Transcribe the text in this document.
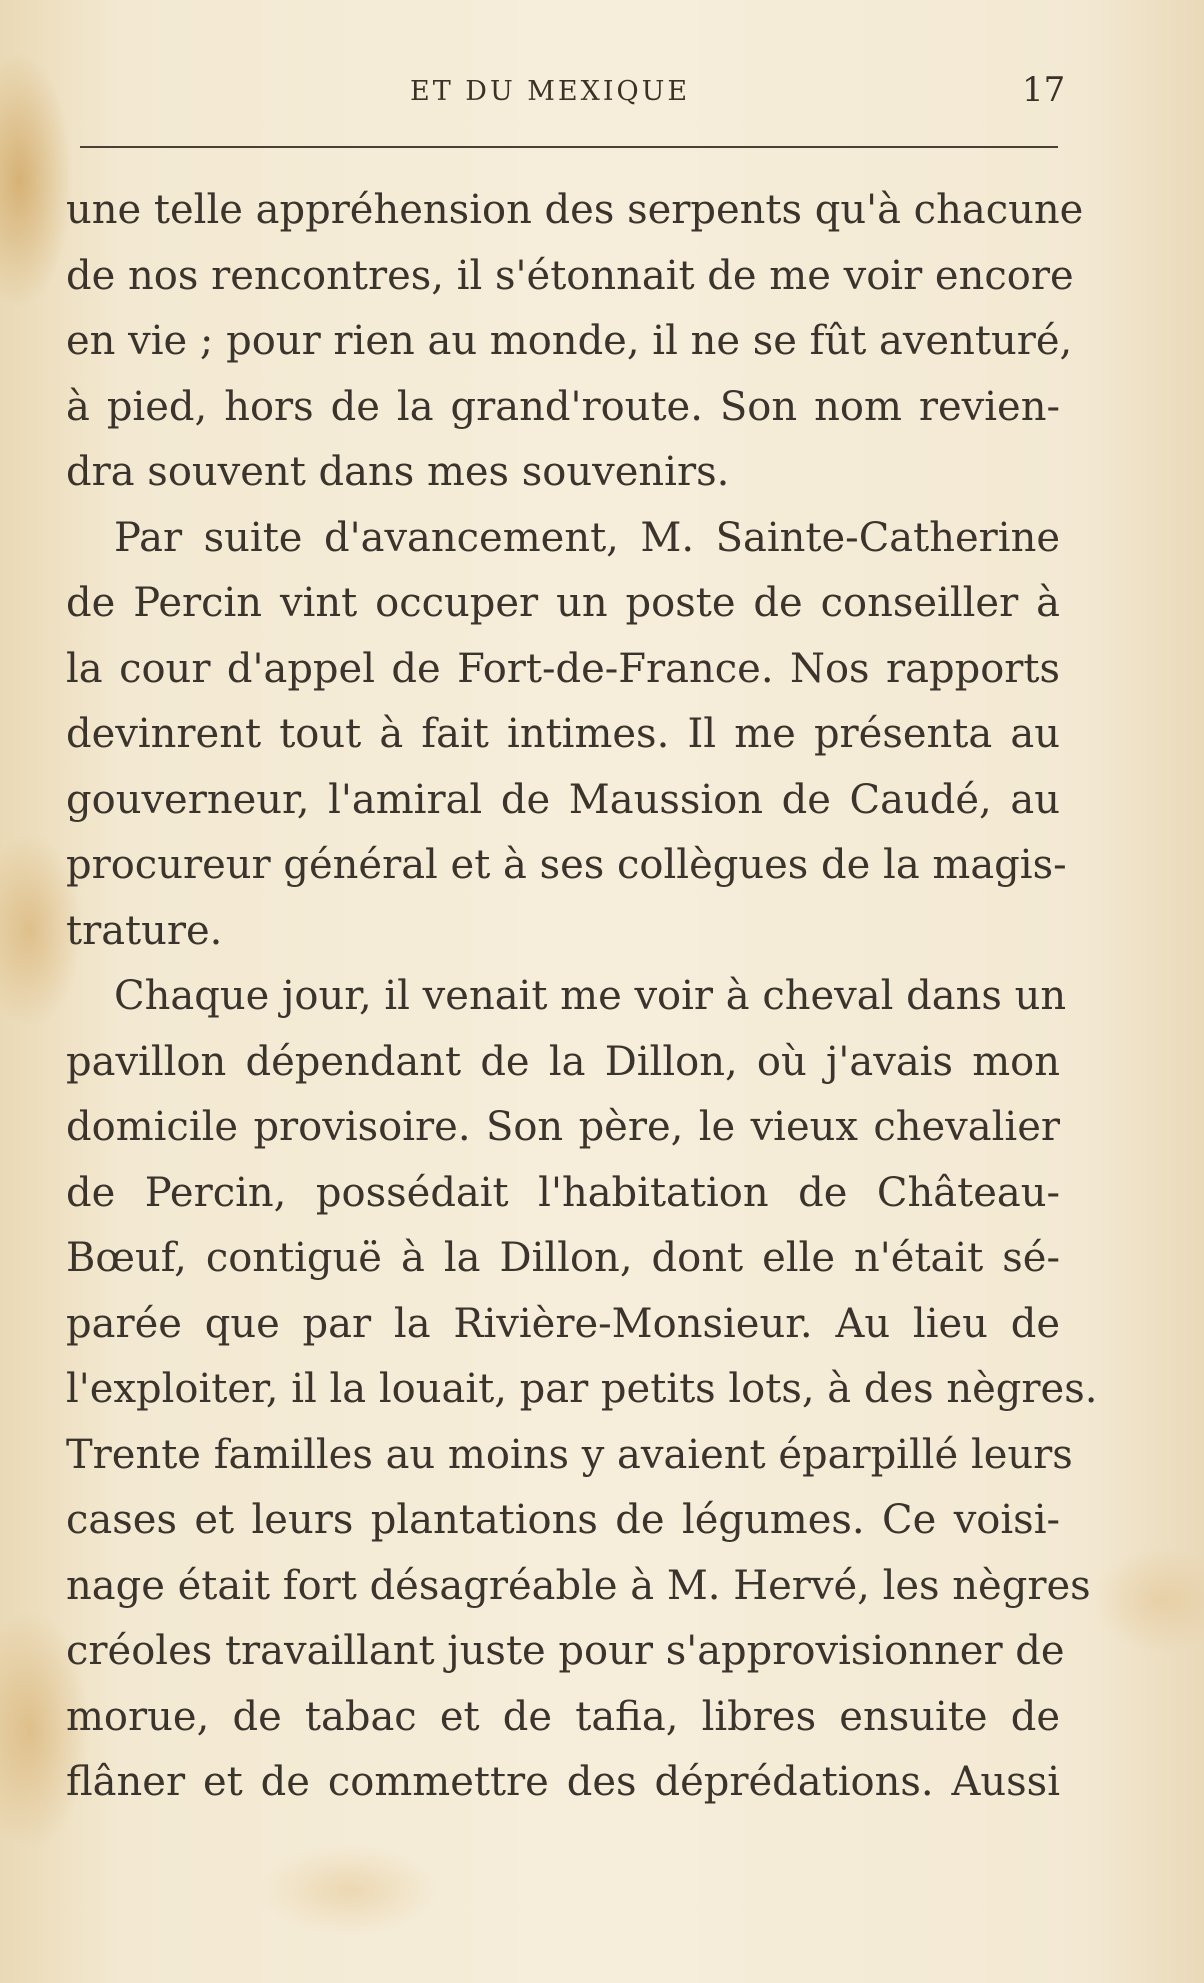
ET DU MEXIQUE	17
une telle appréhension des serpents qu'à chacune
de nos rencontres, il s'étonnait de me voir encore
en vie ; pour rien au monde, il ne se fût aventuré,
à pied, hors de la grand'route. Son nom revien-
dra souvent dans mes souvenirs.
Par suite d'avancement, M. Sainte-Catherine
de Percin vint occuper un poste de conseiller à
la cour d'appel de Fort-de-France. Nos rapports
devinrent tout à fait intimes. Il me présenta au
gouverneur, l'amiral de Maussion de Caudé, au
procureur général et à ses collègues de la magis-
trature.
Chaque jour, il venait me voir à cheval dans un
pavillon dépendant de la Dillon, où j'avais mon
domicile provisoire. Son père, le vieux chevalier
de Percin, possédait l'habitation de Château-
Bœuf, contiguë à la Dillon, dont elle n'était sé-
parée que par la Rivière-Monsieur. Au lieu de
l'exploiter, il la louait, par petits lots, à des nègres.
Trente familles au moins y avaient éparpillé leurs
cases et leurs plantations de légumes. Ce voisi-
nage était fort désagréable à M. Hervé, les nègres
créoles travaillant juste pour s'approvisionner de
morue, de tabac et de tafia, libres ensuite de
flâner et de commettre des déprédations. Aussi
